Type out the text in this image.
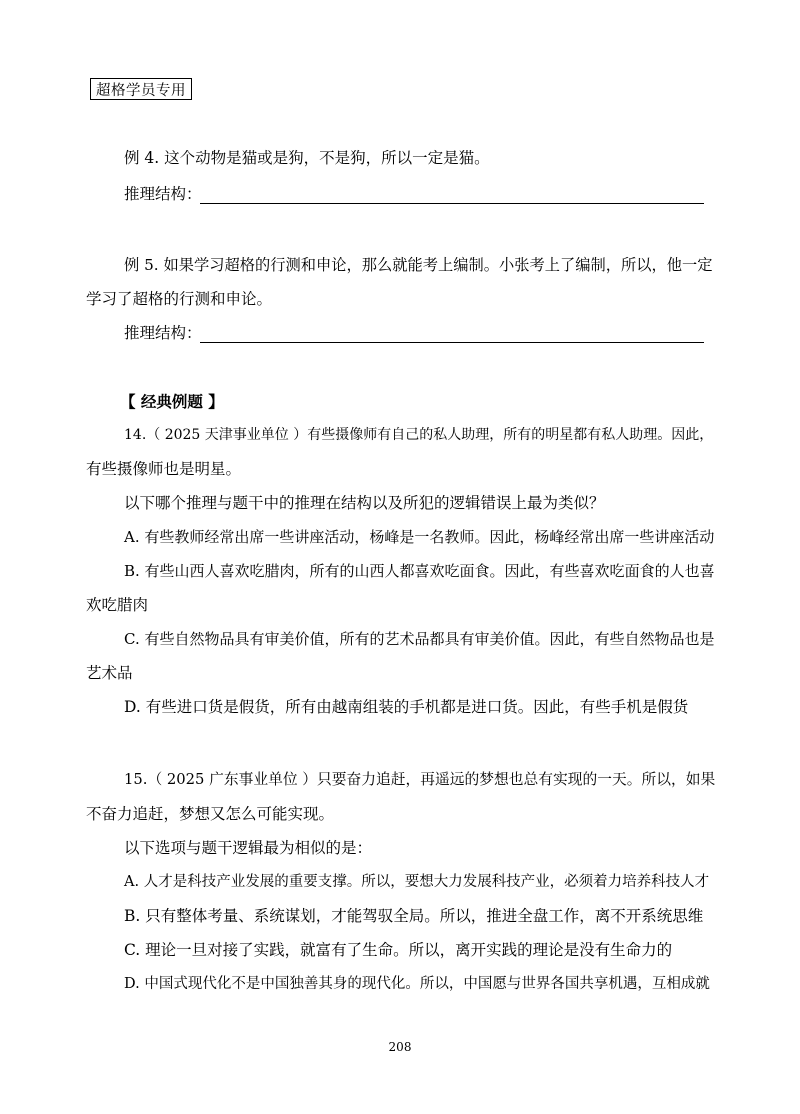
超格学员专用
例 4. 这个动物是猫或是狗，不是狗，所以一定是猫。
推理结构：
例 5. 如果学习超格的行测和申论，那么就能考上编制。小张考上了编制，所以，他一定
学习了超格的行测和申论。
推理结构：
【 经典例题 】
14.（ 2025 天津事业单位 ）有些摄像师有自己的私人助理，所有的明星都有私人助理。因此，
有些摄像师也是明星。
以下哪个推理与题干中的推理在结构以及所犯的逻辑错误上最为类似？
A. 有些教师经常出席一些讲座活动，杨峰是一名教师。因此，杨峰经常出席一些讲座活动
B. 有些山西人喜欢吃腊肉，所有的山西人都喜欢吃面食。因此，有些喜欢吃面食的人也喜
欢吃腊肉
C. 有些自然物品具有审美价值，所有的艺术品都具有审美价值。因此，有些自然物品也是
艺术品
D. 有些进口货是假货，所有由越南组装的手机都是进口货。因此，有些手机是假货
15.（ 2025 广东事业单位 ）只要奋力追赶，再遥远的梦想也总有实现的一天。所以，如果
不奋力追赶，梦想又怎么可能实现。
以下选项与题干逻辑最为相似的是：
A. 人才是科技产业发展的重要支撑。所以，要想大力发展科技产业，必须着力培养科技人才
B. 只有整体考量、系统谋划，才能驾驭全局。所以，推进全盘工作，离不开系统思维
C. 理论一旦对接了实践，就富有了生命。所以，离开实践的理论是没有生命力的
D. 中国式现代化不是中国独善其身的现代化。所以，中国愿与世界各国共享机遇，互相成就
208
